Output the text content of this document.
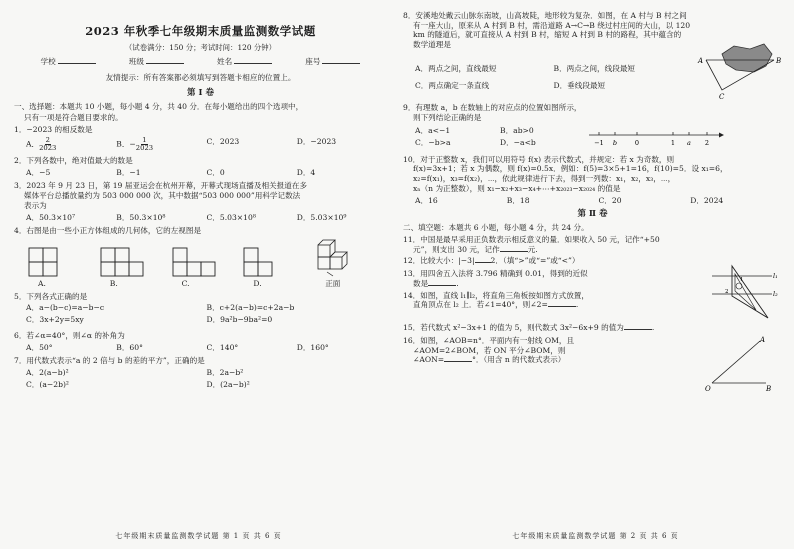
2023 年秋季七年级期末质量监测数学试题
（试卷满分：150 分；考试时间：120 分钟）
学校	班级	姓名	座号
友情提示：所有答案都必须填写到答题卡相应的位置上。
第 Ⅰ 卷
一、选择题：本题共 10 小题，每小题 4 分，共 40 分．在每小题给出的四个选项中，
只有一项是符合题目要求的。
1．−2023 的相反数是
A． $\frac{2}{2023}$	B．− $\frac{1}{2023}$	C．2023	D．−2023
2．下列各数中，绝对值最大的数是
A．−5	B．−1	C．0	D．4
3．2023 年 9 月 23 日，第 19 届亚运会在杭州开幕，开幕式现场直播及相关报道在多
媒体平台总播放量约为 503 000 000 次，其中数据“503 000 000”用科学记数法
表示为
A．50.3×10⁷	B．50.3×10⁸	C．5.03×10⁸	D．5.03×10⁹
4．右图是由一些小正方体组成的几何体，它的左视图是
A.	B.	C.	D.	正面
5．下列各式正确的是
A．a−(b−c)=a−b−c	B．c+2(a−b)=c+2a−b
C．3x+2y=5xy	D．9a²b−9ba²=0
6．若∠α=40°，则∠α 的补角为
A．50°	B．60°	C．140°	D．160°
7．用代数式表示“a 的 2 倍与 b 的差的平方”，正确的是
A．2(a−b)²	B．2a−b²
C．(a−2b)²	D．(2a−b)²
七年级期末质量监测数学试题 第 1 页 共 6 页
8．安溪地处戴云山脉东南坡，山高坡陡，地形较为复杂．如图，在 A 村与 B 村之间
有一座大山，原来从 A 村到 B 村，需沿道路 A→C→B 绕过村庄间的大山，以 120
km 的隧道后，就可直接从 A 村到 B 村，缩短 A 村到 B 村的路程，其中蕴含的
数学道理是
A．两点之间，直线最短	B．两点之间，线段最短
C．两点确定一条直线	D．垂线段最短
A	B
C
9．有理数 a，b 在数轴上的对应点的位置如图所示，
则下列结论正确的是
A．a<−1	B．ab>0
C．−b>a	D．−a<b	−1 b	0	1 a 2
10．对于正整数 x，我们可以用符号 f(x) 表示代数式，并规定：若 x 为奇数，则
f(x)=3x+1；若 x 为偶数，则 f(x)=0.5x．例如：f(5)=3×5+1=16，f(10)=5．设 x₁=6，
x₂=f(x₁)，x₃=f(x₂)，⋯，依此规律进行下去，得到一列数：x₁，x₂，x₃，⋯，
xₙ（n 为正整数），则 x₁−x₂+x₃−x₄+⋯+x₂₀₂₃−x₂₀₂₄ 的值是
A．16	B．18	C．20	D．2024
第 Ⅱ 卷
二、填空题：本题共 6 小题，每小题 4 分，共 24 分。
11．中国是最早采用正负数表示相反意义的量．如果收入 50 元，记作“+50
元”，则支出 30 元，记作	元.
12．比较大小：|−3| 2．（填“>”或“=”或“<”）
13．用四舍五入法将 3.796 精确到 0.01，得到的近似
数是	.
14．如图，直线 l₁∥l₂，将直角三角板按如图方式放置，
直角顶点在 l₂ 上．若∠1=40°，则∠2=	.
l₁
l₂
1
2
15．若代数式 x²−3x+1 的值为 5，则代数式 3x²−6x+9 的值为	.
16．如图，∠AOB=n°．平面内有一射线 OM，且
∠AOM=2∠BOM，若 ON 平分∠BOM，则
∠AON=	°．（用含 n 的代数式表示）
A
O	B
七年级期末质量监测数学试题 第 2 页 共 6 页
